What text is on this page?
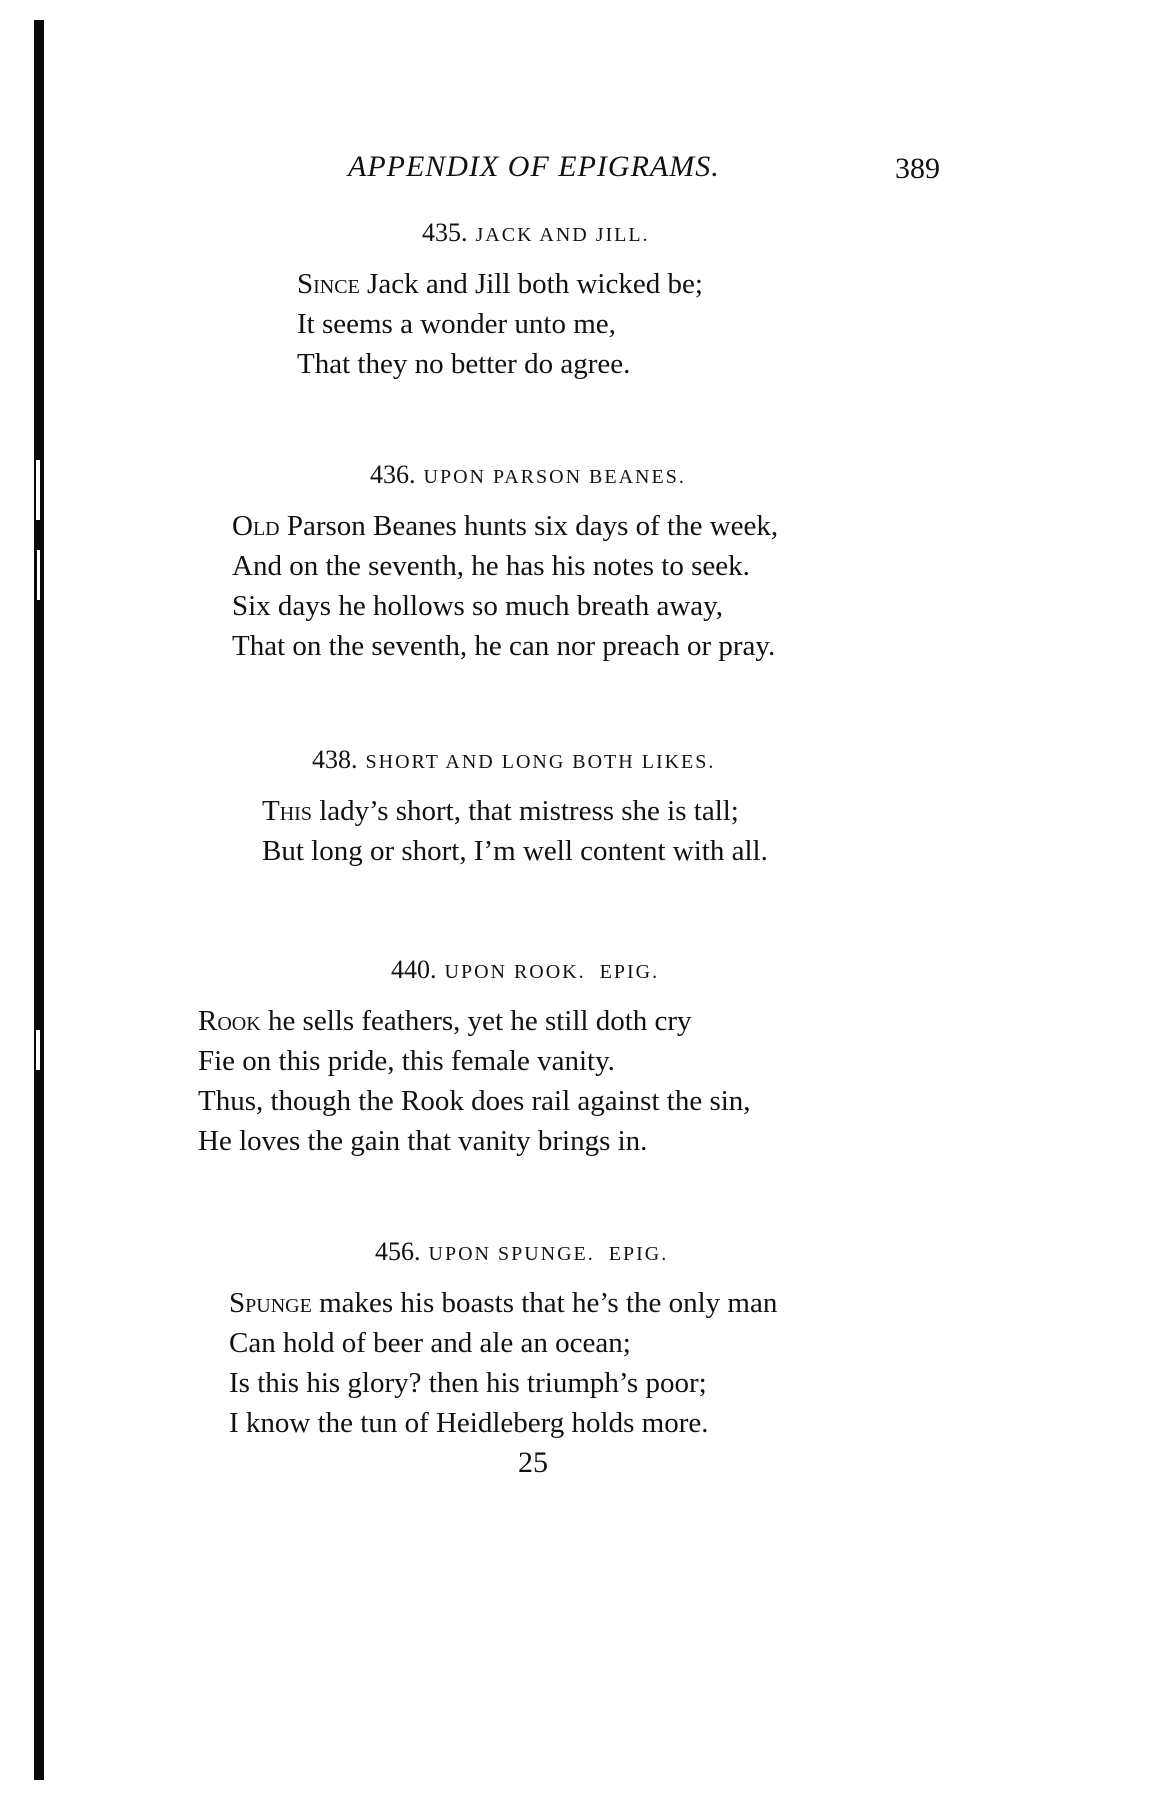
APPENDIX OF EPIGRAMS.	389
435. JACK AND JILL.
Since Jack and Jill both wicked be;
It seems a wonder unto me,
That they no better do agree.
436. UPON PARSON BEANES.
Old Parson Beanes hunts six days of the week,
And on the seventh, he has his notes to seek.
Six days he hollows so much breath away,
That on the seventh, he can nor preach or pray.
438. SHORT AND LONG BOTH LIKES.
This lady’s short, that mistress she is tall;
But long or short, I’m well content with all.
440. UPON ROOK.  EPIG.
Rook he sells feathers, yet he still doth cry
Fie on this pride, this female vanity.
Thus, though the Rook does rail against the sin,
He loves the gain that vanity brings in.
456. UPON SPUNGE.  EPIG.
Spunge makes his boasts that he’s the only man
Can hold of beer and ale an ocean;
Is this his glory? then his triumph’s poor;
I know the tun of Heidleberg holds more.
25
